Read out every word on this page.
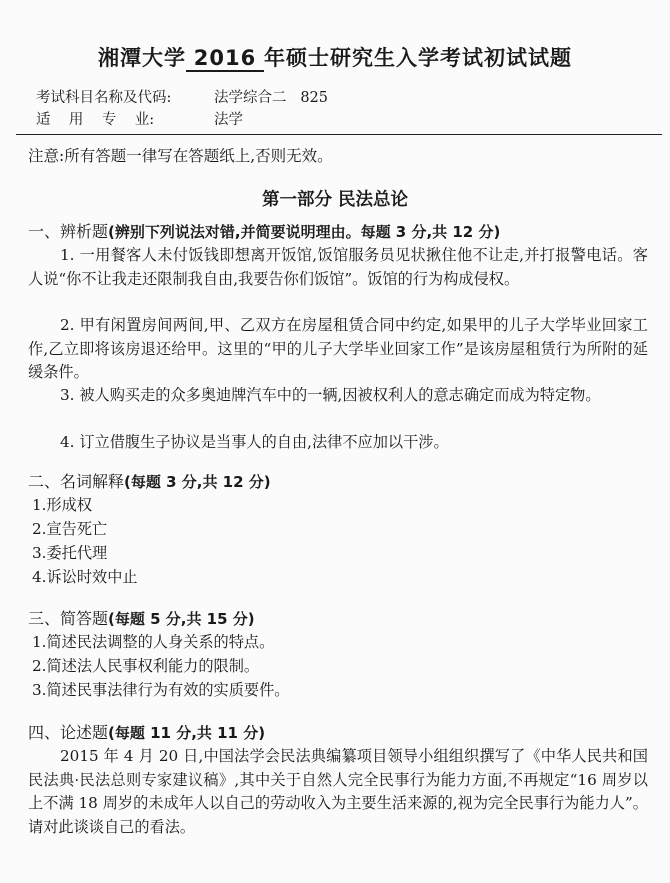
湘潭大学 2016 年硕士研究生入学考试初试试题
考试科目名称及代码:	法学综合二   825
适    用    专    业:	法学
注意:所有答题一律写在答题纸上,否则无效。
第一部分 民法总论
一、辨析题(辨别下列说法对错,并简要说明理由。每题 3 分,共 12 分)
1. 一用餐客人未付饭钱即想离开饭馆,饭馆服务员见状揪住他不让走,并打报警电话。客人说“你不让我走还限制我自由,我要告你们饭馆”。饭馆的行为构成侵权。
2. 甲有闲置房间两间,甲、乙双方在房屋租赁合同中约定,如果甲的儿子大学毕业回家工作,乙立即将该房退还给甲。这里的“甲的儿子大学毕业回家工作”是该房屋租赁行为所附的延缓条件。
3. 被人购买走的众多奥迪牌汽车中的一辆,因被权利人的意志确定而成为特定物。
4. 订立借腹生子协议是当事人的自由,法律不应加以干涉。
二、名词解释(每题 3 分,共 12 分)
1.形成权
2.宣告死亡
3.委托代理
4.诉讼时效中止
三、简答题(每题 5 分,共 15 分)
1.简述民法调整的人身关系的特点。
2.简述法人民事权利能力的限制。
3.简述民事法律行为有效的实质要件。
四、论述题(每题 11 分,共 11 分)
2015 年 4 月 20 日,中国法学会民法典编纂项目领导小组组织撰写了《中华人民共和国民法典·民法总则专家建议稿》,其中关于自然人完全民事行为能力方面,不再规定“16 周岁以上不满 18 周岁的未成年人以自己的劳动收入为主要生活来源的,视为完全民事行为能力人”。请对此谈谈自己的看法。
